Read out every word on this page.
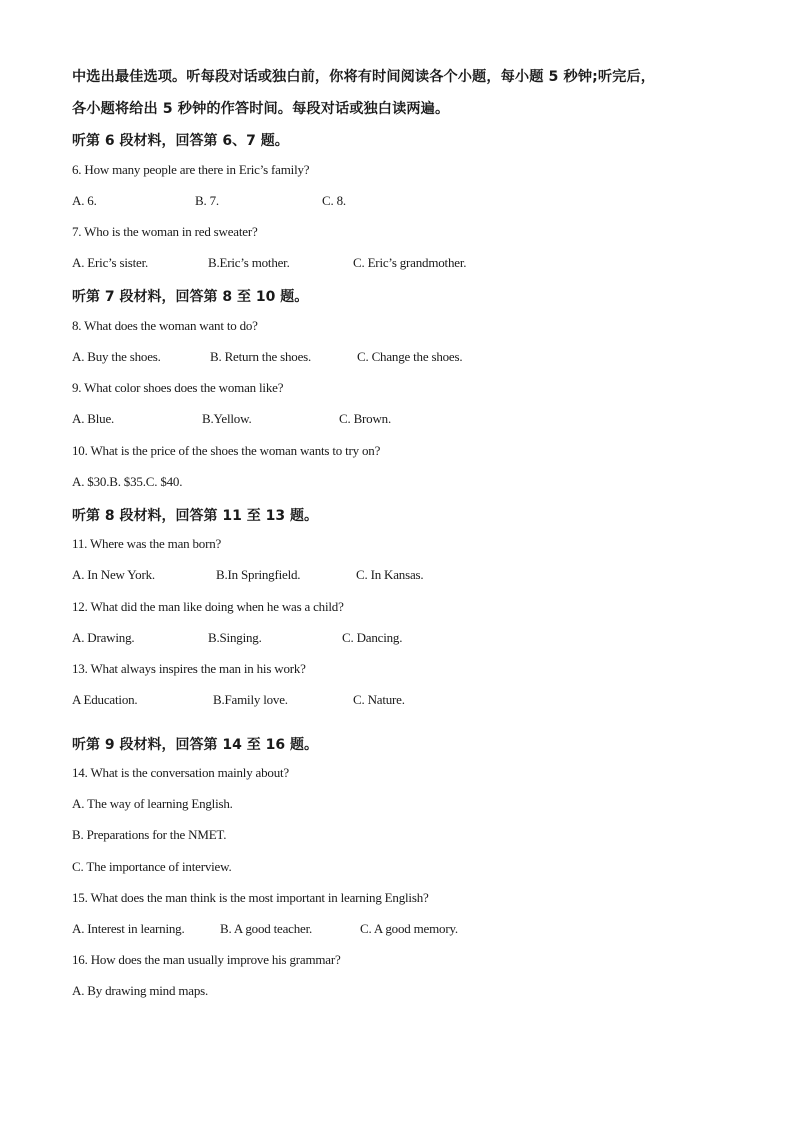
中选出最佳选项。听每段对话或独白前，你将有时间阅读各个小题，每小题 5 秒钟;听完后，
各小题将给出 5 秒钟的作答时间。每段对话或独白读两遍。
听第 6 段材料，回答第 6、7 题。
6. How many people are there in Eric’s family?
A. 6.	B. 7.	C. 8.
7. Who is the woman in red sweater?
A. Eric’s sister.	B.Eric’s mother.	C. Eric’s grandmother.
听第 7 段材料，回答第 8 至 10 题。
8. What does the woman want to do?
A. Buy the shoes.	B. Return the shoes.	C. Change the shoes.
9. What color shoes does the woman like?
A. Blue.	B.Yellow.	C. Brown.
10. What is the price of the shoes the woman wants to try on?
A. $30.B. $35.C. $40.
听第 8 段材料，回答第 11 至 13 题。
11. Where was the man born?
A. In New York.	B.In Springfield.	C. In Kansas.
12. What did the man like doing when he was a child?
A. Drawing.	B.Singing.	C. Dancing.
13. What always inspires the man in his work?
A Education.	B.Family love.	C. Nature.
听第 9 段材料，回答第 14 至 16 题。
14. What is the conversation mainly about?
A. The way of learning English.
B. Preparations for the NMET.
C. The importance of interview.
15. What does the man think is the most important in learning English?
A. Interest in learning.	B. A good teacher.	C. A good memory.
16. How does the man usually improve his grammar?
A. By drawing mind maps.
